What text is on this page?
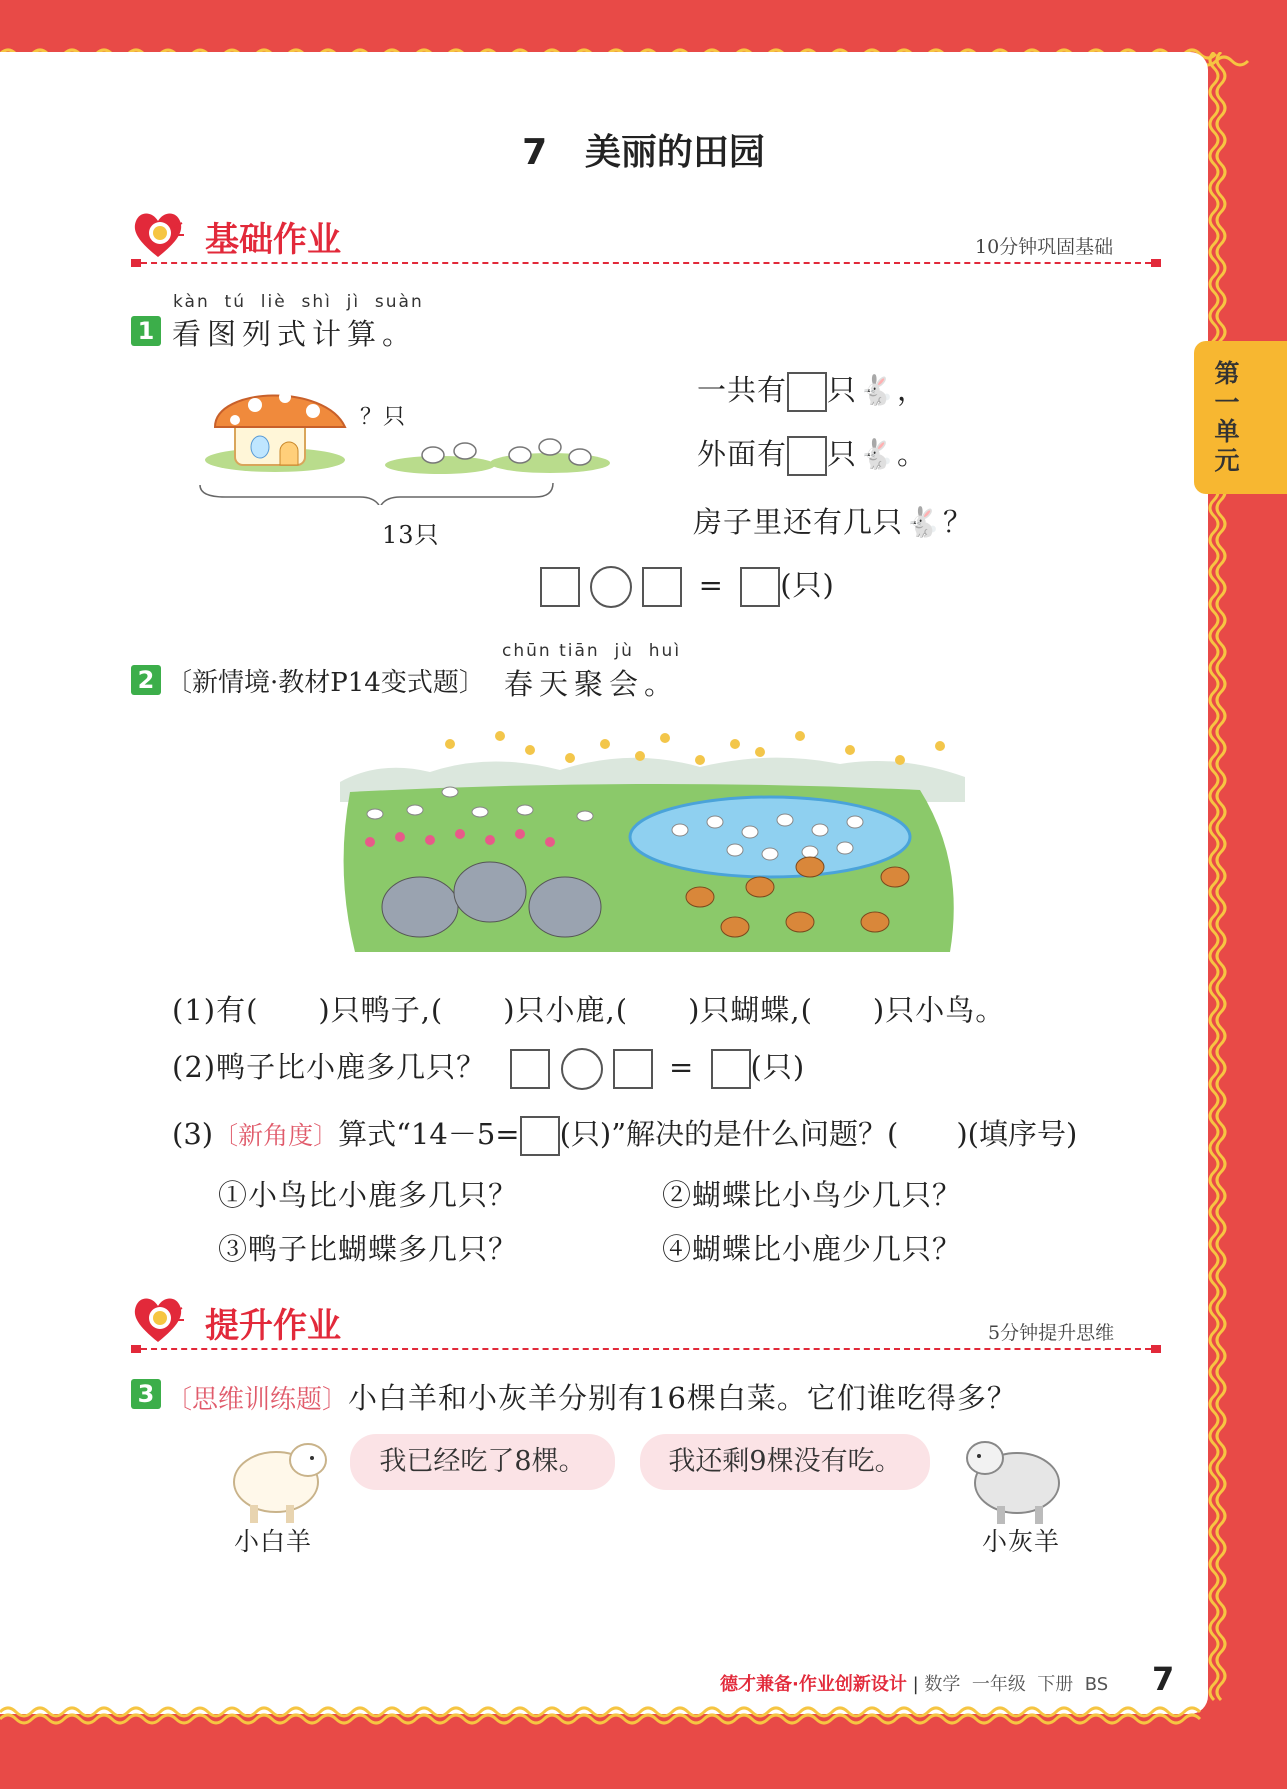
第
一
单
元
7   美丽的田园
基础作业	10分钟巩固基础
1
kàn  tú  liè  shì  jì  suàn
看图列式计算。
？只
13只
一共有 只🐇，
外面有 只🐇。
房子里还有几只🐇？
= (只)
2 〔新情境·教材P14变式题〕
chūn tiān  jù  huì
春天聚会。
(1)有(　　)只鸭子,(　　)只小鹿,(　　)只蝴蝶,(　　)只小鸟。
(2)鸭子比小鹿多几只？	= (只)
(3)〔新角度〕算式“14－5= (只)”解决的是什么问题？(　　)(填序号)
①小鸟比小鹿多几只？	②蝴蝶比小鸟少几只？
③鸭子比蝴蝶多几只？	④蝴蝶比小鹿少几只？
提升作业	5分钟提升思维
3 〔思维训练题〕小白羊和小灰羊分别有16棵白菜。它们谁吃得多？
小白羊
我已经吃了8棵。	我还剩9棵没有吃。
小灰羊
德才兼备·作业创新设计 | 数学  一年级  下册  BS 7
